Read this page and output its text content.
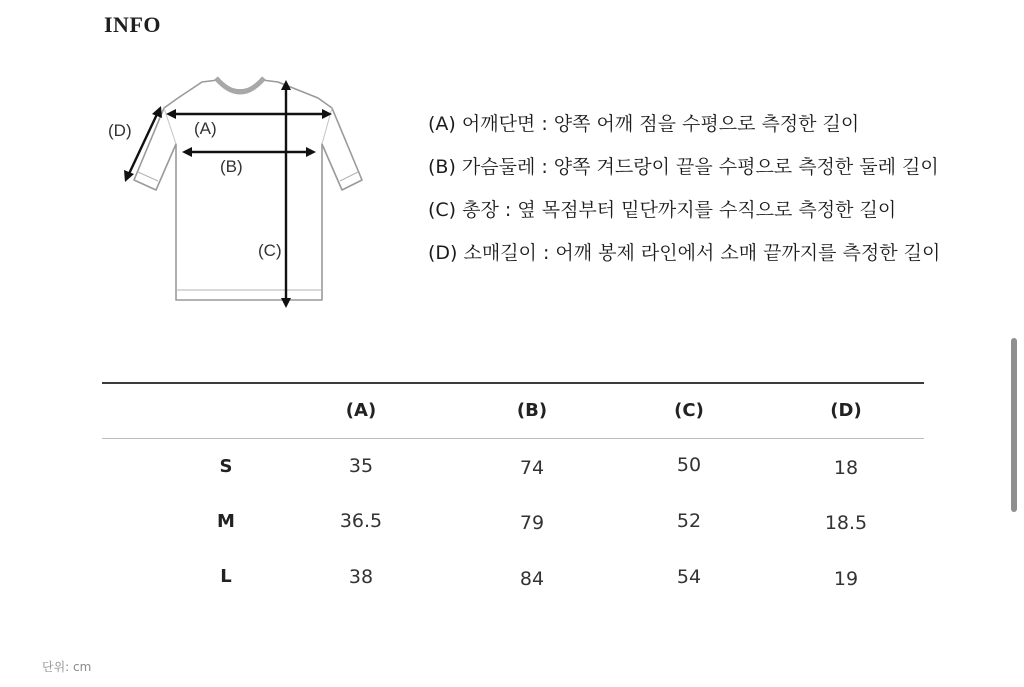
INFO
(A)
(B)
(C)
(D)	(A) 어깨단면 : 양쪽 어깨 점을 수평으로 측정한 길이
(B) 가슴둘레 : 양쪽 겨드랑이 끝을 수평으로 측정한 둘레 길이
(C) 총장 : 옆 목점부터 밑단까지를 수직으로 측정한 길이
(D) 소매길이 : 어깨 봉제 라인에서 소매 끝까지를 측정한 길이
(A)	(B)	(C)	(D)
S	35	74	50	18
M	36.5	79	52	18.5
L	38	84	54	19
단위: cm
